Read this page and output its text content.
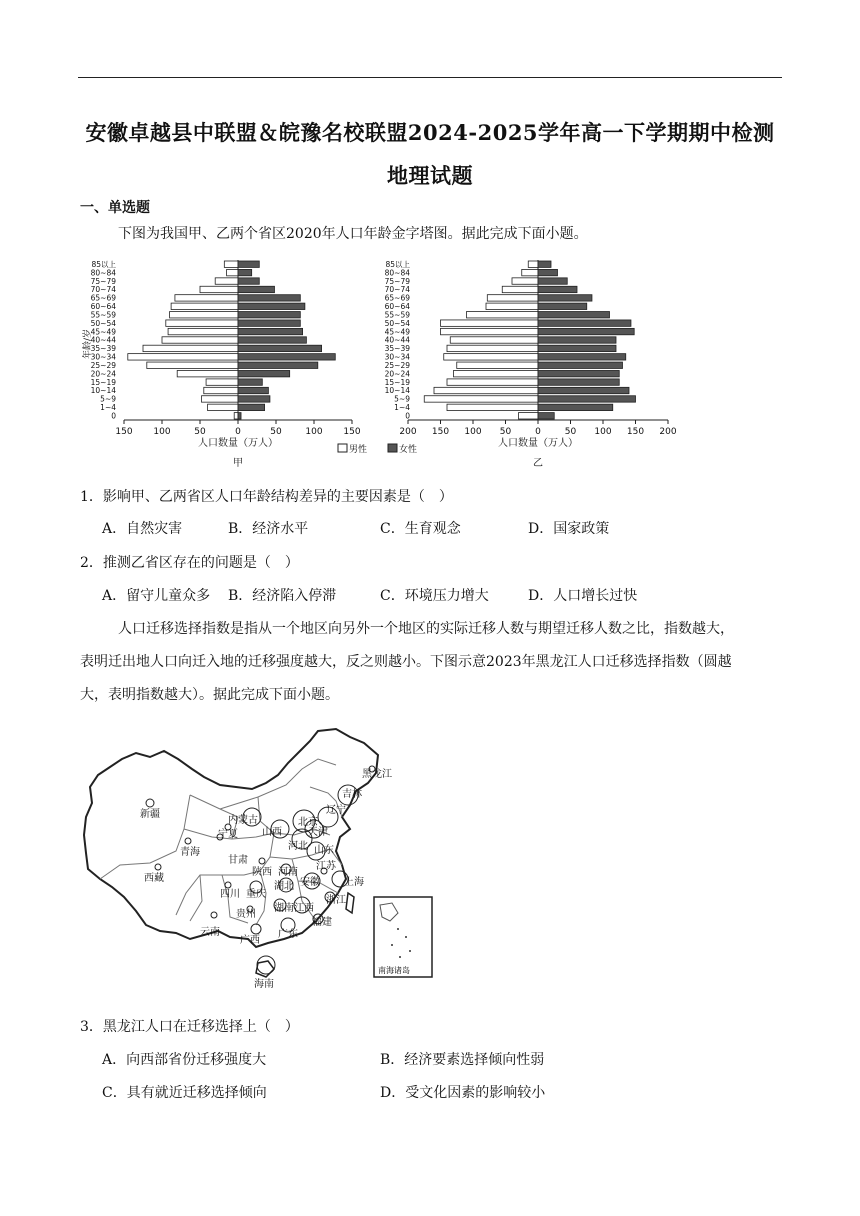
安徽卓越县中联盟＆皖豫名校联盟2024-2025学年高一下学期期中检测
地理试题
一、单选题
下图为我国甲、乙两个省区2020年人口年龄金字塔图。据此完成下面小题。
150 100	50	0	50	100 150
人口数量（万人）
甲
0
1~4
5~9
10~14
15~19
20~24
25~29
30~34
35~39
40~44
45~49
50~54
55~59
60~64
65~69
70~74
75~79
80~84
85以上
年龄/岁
200 150 100 50	0	50 100 150 200
人口数量（万人）
乙
0
1~4
5~9
10~14
15~19
20~24
25~29
30~34
35~39
40~44
45~49
50~54
55~59
60~64
65~69
70~74
75~79
80~84
85以上
男性	女性
1．影响甲、乙两省区人口年龄结构差异的主要因素是（　）
A．自然灾害	B．经济水平	C．生育观念	D．国家政策
2．推测乙省区存在的问题是（　）
A．留守儿童众多 B．经济陷入停滞	C．环境压力增大	D．人口增长过快
人口迁移选择指数是指从一个地区向另外一个地区的实际迁移人数与期望迁移人数之比，指数越大，
表明迁出地人口向迁入地的迁移强度越大，反之则越小。下图示意2023年黑龙江人口迁移选择指数（圆越
大，表明指数越大）。据此完成下面小题。
新疆
西藏
青海
甘肃
内蒙古
宁夏 山西
北京
天津
河北
辽宁
吉林
黑龙江
山东
江苏
上海
安徽
河南
陕西
四川 重庆
湖北
湖南 江西
浙江
福建
贵州
云南
广西
广东
海南
南海诸岛
3．黑龙江人口在迁移选择上（　）
A．向西部省份迁移强度大	B．经济要素选择倾向性弱
C．具有就近迁移选择倾向	D．受文化因素的影响较小
